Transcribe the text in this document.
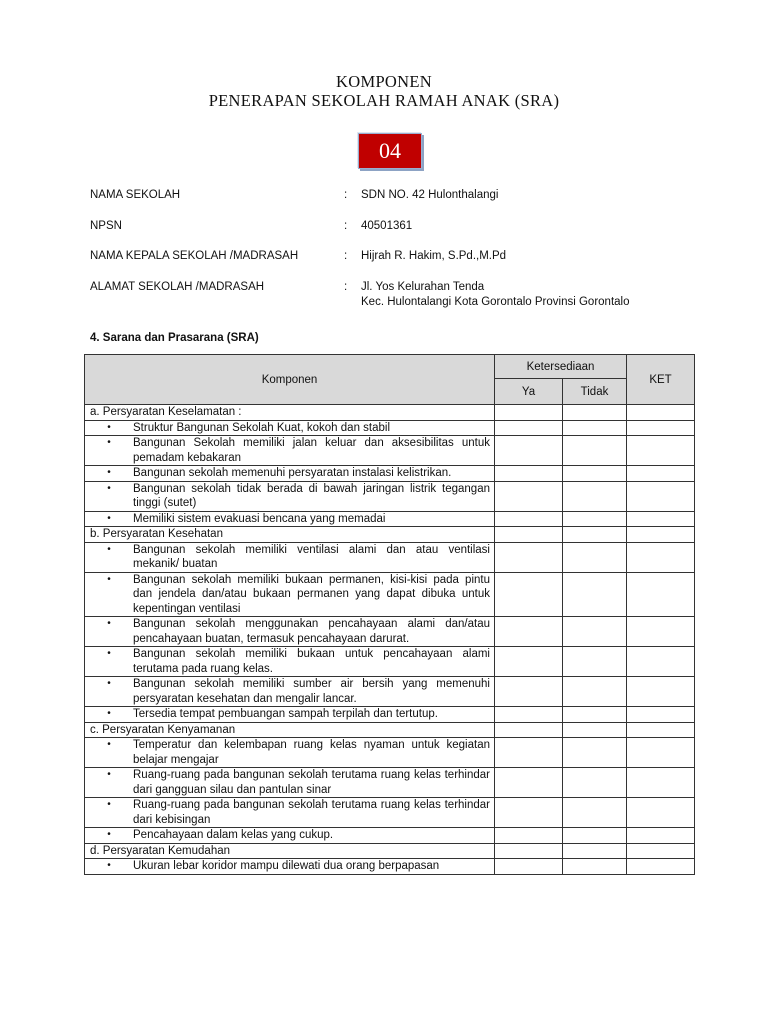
KOMPONEN
PENERAPAN SEKOLAH RAMAH ANAK (SRA)
04
NAMA SEKOLAH	: SDN NO. 42 Hulonthalangi
NPSN	: 40501361
NAMA KEPALA SEKOLAH /MADRASAH	: Hijrah R. Hakim, S.Pd.,M.Pd
ALAMAT SEKOLAH /MADRASAH	: Jl. Yos Kelurahan Tenda
Kec. Hulontalangi Kota Gorontalo Provinsi Gorontalo
4. Sarana dan Prasarana (SRA)
Komponen	Ketersediaan		KET
	Ya	Tidak	

a. Persyaratan Keselamatan :			

• Struktur Bangunan Sekolah Kuat, kokoh dan stabil			

• Bangunan Sekolah memiliki jalan keluar dan aksesibilitas untuk pemadam kebakaran			

• Bangunan sekolah memenuhi persyaratan instalasi kelistrikan.			

• Bangunan sekolah tidak berada di bawah jaringan listrik tegangan tinggi (sutet)			

• Memiliki sistem evakuasi bencana yang memadai			

b. Persyaratan Kesehatan			

• Bangunan sekolah memiliki ventilasi alami dan atau ventilasi mekanik/ buatan			

• Bangunan sekolah memiliki bukaan permanen, kisi-kisi pada pintu dan jendela dan/atau bukaan permanen yang dapat dibuka untuk kepentingan ventilasi			

• Bangunan sekolah menggunakan pencahayaan alami dan/atau pencahayaan buatan, termasuk pencahayaan darurat.			

• Bangunan sekolah memiliki bukaan untuk pencahayaan alami terutama pada ruang kelas.			

• Bangunan sekolah memiliki sumber air bersih yang memenuhi persyaratan kesehatan dan mengalir lancar.			

• Tersedia tempat pembuangan sampah terpilah dan tertutup.			

c. Persyaratan Kenyamanan			

• Temperatur dan kelembapan ruang kelas nyaman untuk kegiatan belajar mengajar			

• Ruang-ruang pada bangunan sekolah terutama ruang kelas terhindar dari gangguan silau dan pantulan sinar			

• Ruang-ruang pada bangunan sekolah terutama ruang kelas terhindar dari kebisingan			

• Pencahayaan dalam kelas yang cukup.			

d. Persyaratan Kemudahan			

• Ukuran lebar koridor mampu dilewati dua orang berpapasan			
